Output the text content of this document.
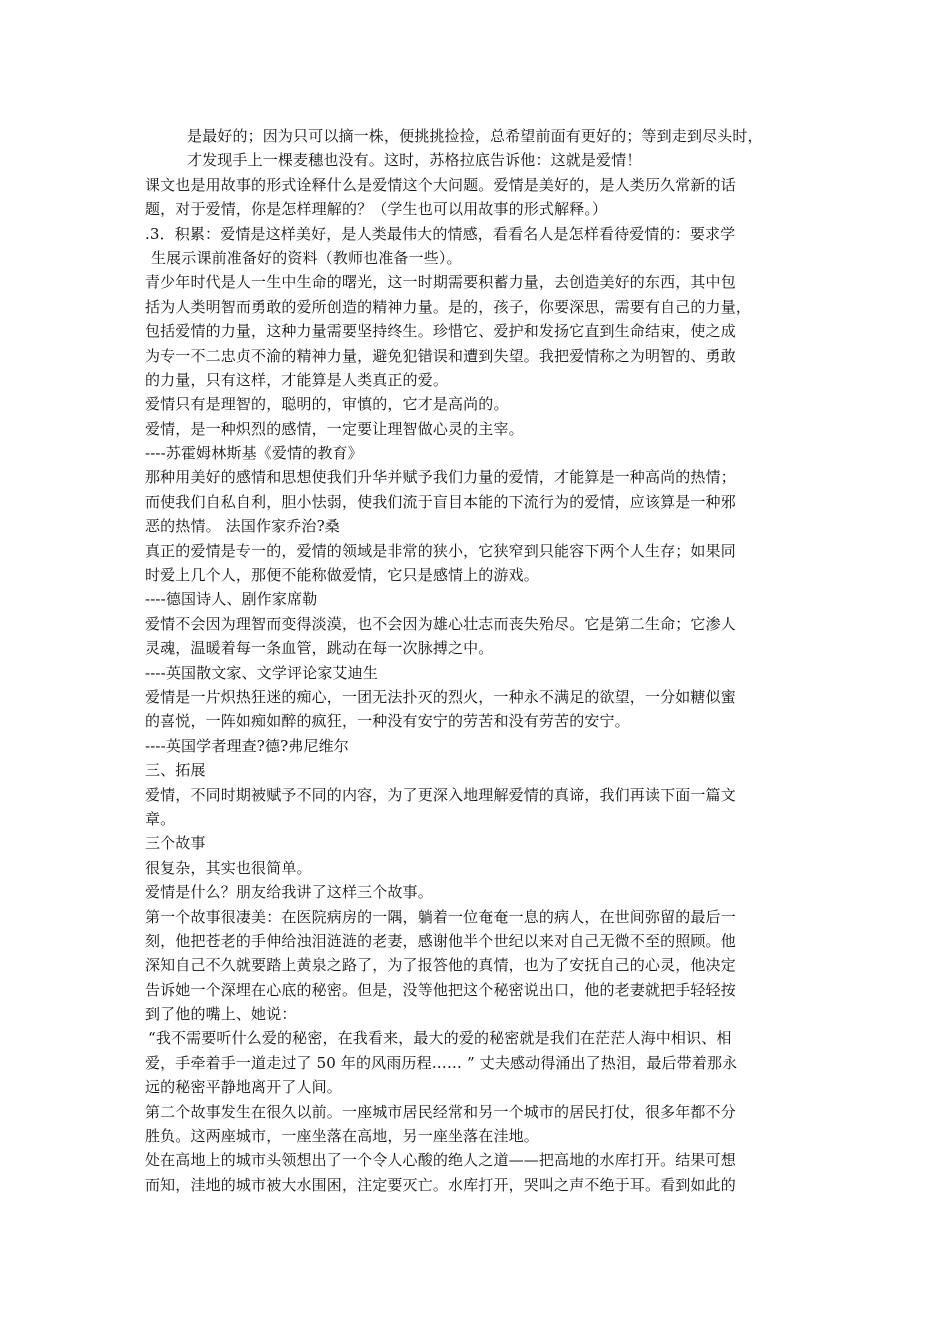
是最好的；因为只可以摘一株，便挑挑捡捡，总希望前面有更好的；等到走到尽头时，
才发现手上一棵麦穗也没有。这时，苏格拉底告诉他：这就是爱情！
课文也是用故事的形式诠释什么是爱情这个大问题。爱情是美好的，是人类历久常新的话
题，对于爱情，你是怎样理解的？（学生也可以用故事的形式解释。）
.3．积累：爱情是这样美好，是人类最伟大的情感，看看名人是怎样看待爱情的：要求学
生展示课前准备好的资料（教师也准备一些）。
青少年时代是人一生中生命的曙光，这一时期需要积蓄力量，去创造美好的东西，其中包
括为人类明智而勇敢的爱所创造的精神力量。是的，孩子，你要深思，需要有自己的力量，
包括爱情的力量，这种力量需要坚持终生。珍惜它、爱护和发扬它直到生命结束，使之成
为专一不二忠贞不渝的精神力量，避免犯错误和遭到失望。我把爱情称之为明智的、勇敢
的力量，只有这样，才能算是人类真正的爱。
爱情只有是理智的，聪明的，审慎的，它才是高尚的。
爱情，是一种炽烈的感情，一定要让理智做心灵的主宰。
----苏霍姆林斯基《爱情的教育》
那种用美好的感情和思想使我们升华并赋予我们力量的爱情，才能算是一种高尚的热情；
而使我们自私自利，胆小怯弱，使我们流于盲目本能的下流行为的爱情，应该算是一种邪
恶的热情。 法国作家乔治?桑
真正的爱情是专一的，爱情的领域是非常的狭小，它狭窄到只能容下两个人生存；如果同
时爱上几个人，那便不能称做爱情，它只是感情上的游戏。
----德国诗人、剧作家席勒
爱情不会因为理智而变得淡漠，也不会因为雄心壮志而丧失殆尽。它是第二生命；它渗人
灵魂，温暖着每一条血管，跳动在每一次脉搏之中。
----英国散文家、文学评论家艾迪生
爱情是一片炽热狂迷的痴心，一团无法扑灭的烈火，一种永不满足的欲望，一分如糖似蜜
的喜悦，一阵如痴如醉的疯狂，一种没有安宁的劳苦和没有劳苦的安宁。
----英国学者理查?德?弗尼维尔
三、拓展
爱情，不同时期被赋予不同的内容，为了更深入地理解爱情的真谛，我们再读下面一篇文
章。
三个故事
很复杂，其实也很简单。
爱情是什么？朋友给我讲了这样三个故事。
第一个故事很凄美：在医院病房的一隅，躺着一位奄奄一息的病人，在世间弥留的最后一
刻，他把苍老的手伸给浊泪涟涟的老妻，感谢他半个世纪以来对自己无微不至的照顾。他
深知自己不久就要踏上黄泉之路了，为了报答他的真情，也为了安抚自己的心灵，他决定
告诉她一个深埋在心底的秘密。但是，没等他把这个秘密说出口，他的老妻就把手轻轻按
到了他的嘴上、她说：
“我不需要听什么爱的秘密，在我看来，最大的爱的秘密就是我们在茫茫人海中相识、相
爱，手牵着手一道走过了 50 年的风雨历程…… ” 丈夫感动得涌出了热泪，最后带着那永
远的秘密平静地离开了人间。
第二个故事发生在很久以前。一座城市居民经常和另一个城市的居民打仗，很多年都不分
胜负。这两座城市，一座坐落在高地，另一座坐落在洼地。
处在高地上的城市头领想出了一个令人心酸的绝人之道——把高地的水库打开。结果可想
而知，洼地的城市被大水围困，注定要灭亡。水库打开，哭叫之声不绝于耳。看到如此的
